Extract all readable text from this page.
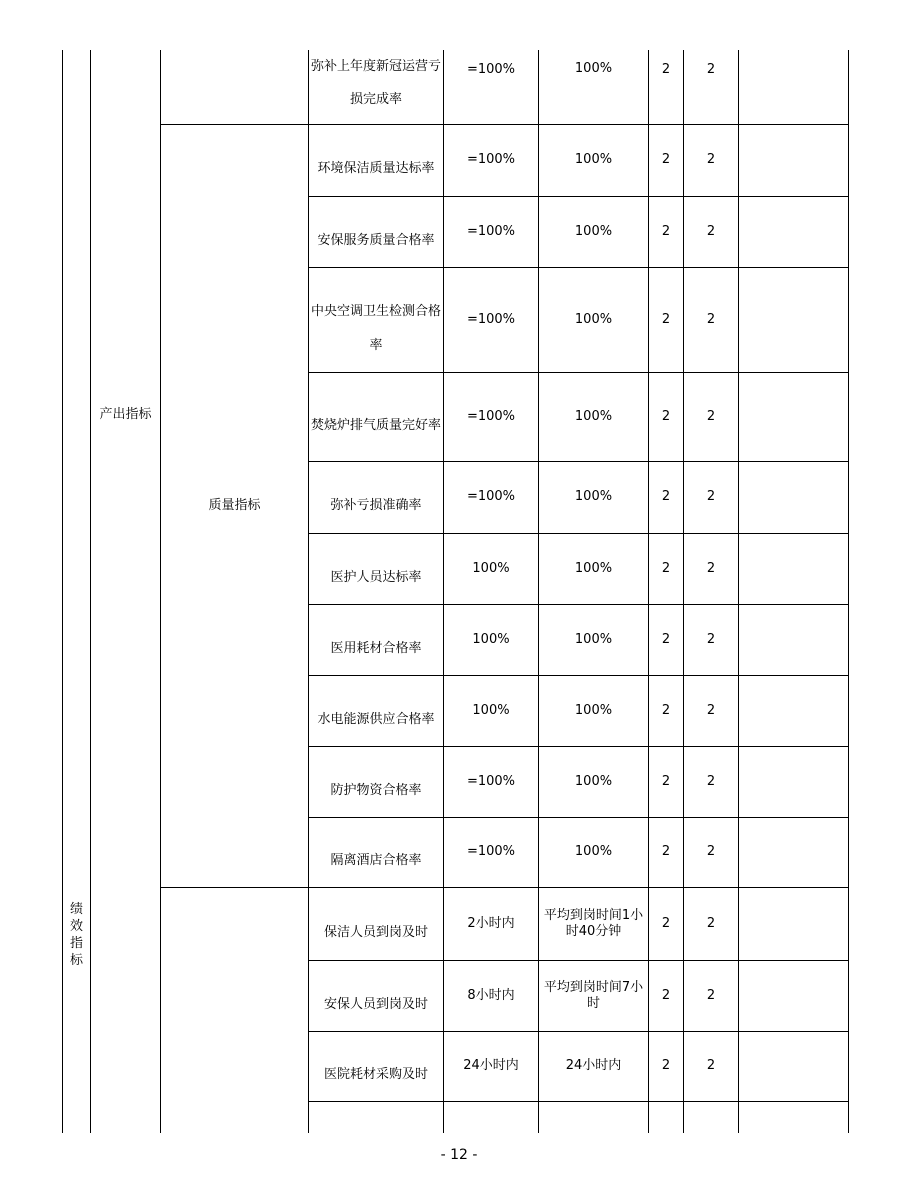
绩效指标	产出指标		弥补上年度新冠运营亏损完成率	=100%	100%	2	2	

		质量指标	环境保洁质量达标率	=100%	100%	2	2	
			安保服务质量合格率	=100%	100%	2	2	
			中央空调卫生检测合格率	=100%	100%	2	2	
			焚烧炉排气质量完好率	=100%	100%	2	2	
			弥补亏损准确率	=100%	100%	2	2	
			医护人员达标率	100%	100%	2	2	
			医用耗材合格率	100%	100%	2	2	
			水电能源供应合格率	100%	100%	2	2	
			防护物资合格率	=100%	100%	2	2	
			隔离酒店合格率	=100%	100%	2	2	
			保洁人员到岗及时	2小时内	平均到岗时间1小时40分钟	2	2	
			安保人员到岗及时	8小时内	平均到岗时间7小时	2	2	
			医院耗材采购及时	24小时内	24小时内	2	2	

- 12 -
